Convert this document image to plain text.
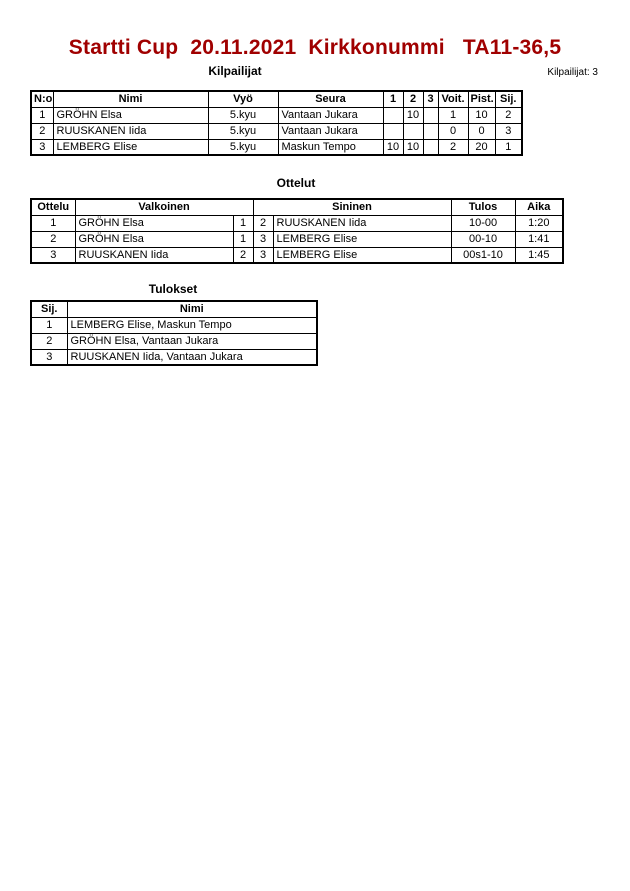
Startti Cup  20.11.2021  Kirkkonummi   TA11-36,5
Kilpailijat: 3
Kilpailijat
N:o	Nimi	Vyö	Seura	1	2	3	Voit.	Pist.	Sij.
1	GRÖHN Elsa	5.kyu	Vantaan Jukara		10		1	10	2
2	RUUSKANEN Iida	5.kyu	Vantaan Jukara				0	0	3
3	LEMBERG Elise	5.kyu	Maskun Tempo	10	10		2	20	1
Ottelut
Ottelu	Valkoinen		Sininen		Tulos	Aika
1	GRÖHN Elsa	1	2	RUUSKANEN Iida	10-00	1:20
2	GRÖHN Elsa	1	3	LEMBERG Elise	00-10	1:41
3	RUUSKANEN Iida	2	3	LEMBERG Elise	00s1-10	1:45
Tulokset
Sij.	Nimi
1	LEMBERG Elise, Maskun Tempo
2	GRÖHN Elsa, Vantaan Jukara
3	RUUSKANEN Iida, Vantaan Jukara
